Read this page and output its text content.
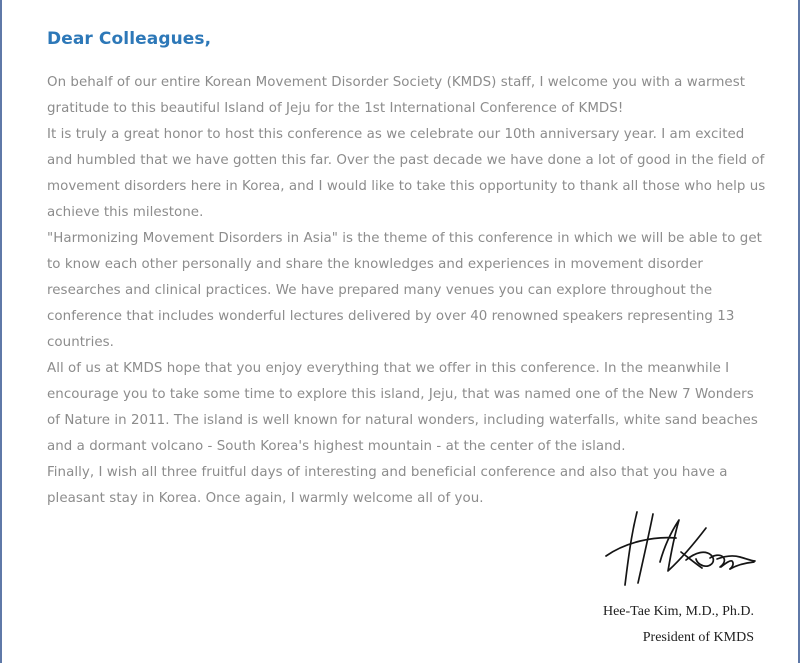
Dear Colleagues,

On behalf of our entire Korean Movement Disorder Society (KMDS) staff, I welcome you with a warmest gratitude to this beautiful Island of Jeju for the 1st International Conference of KMDS!

It is truly a great honor to host this conference as we celebrate our 10th anniversary year. I am excited and humbled that we have gotten this far. Over the past decade we have done a lot of good in the field of movement disorders here in Korea, and I would like to take this opportunity to thank all those who help us achieve this milestone.

"Harmonizing Movement Disorders in Asia" is the theme of this conference in which we will be able to get to know each other personally and share the knowledges and experiences in movement disorder researches and clinical practices. We have prepared many venues you can explore throughout the conference that includes wonderful lectures delivered by over 40 renowned speakers representing 13 countries.

All of us at KMDS hope that you enjoy everything that we offer in this conference. In the meanwhile I encourage you to take some time to explore this island, Jeju, that was named one of the New 7 Wonders of Nature in 2011. The island is well known for natural wonders, including waterfalls, white sand beaches and a dormant volcano - South Korea's highest mountain - at the center of the island.

Finally, I wish all three fruitful days of interesting and beneficial conference and also that you have a pleasant stay in Korea. Once again, I warmly welcome all of you.

Hee-Tae Kim, M.D., Ph.D.
President of KMDS
